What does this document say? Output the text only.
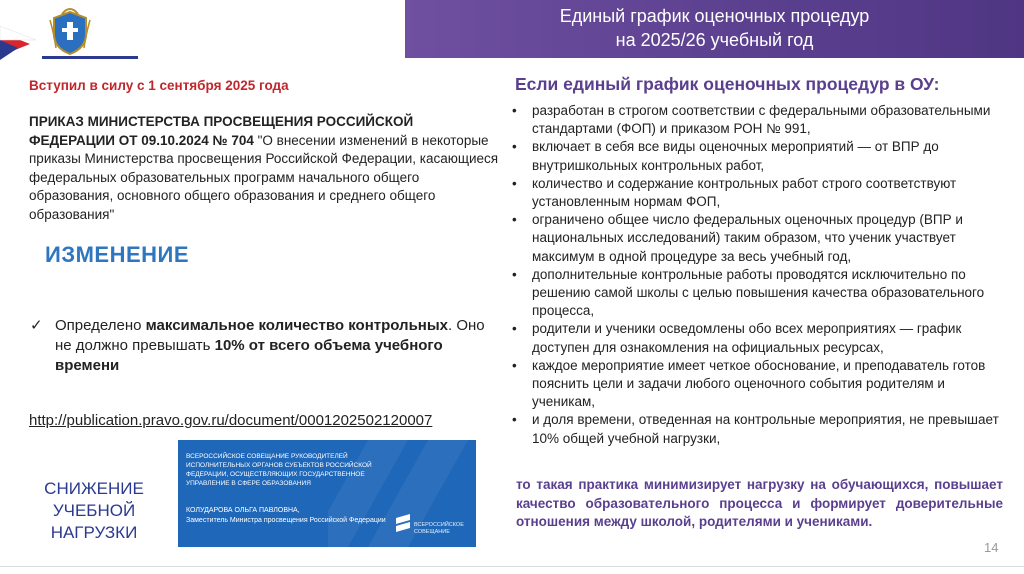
Единый график оценочных процедур
на 2025/26 учебный год
Вступил в силу с 1 сентября 2025 года
ПРИКАЗ МИНИСТЕРСТВА ПРОСВЕЩЕНИЯ РОССИЙСКОЙ ФЕДЕРАЦИИ ОТ 09.10.2024 № 704 "О внесении изменений в некоторые приказы Министерства просвещения Российской Федерации, касающиеся федеральных образовательных программ начального общего образования, основного общего образования и среднего общего образования"
ИЗМЕНЕНИЕ
✓ Определено максимальное количество контрольных. Оно не должно превышать 10% от всего объема учебного времени
http://publication.pravo.gov.ru/document/0001202502120007
СНИЖЕНИЕ УЧЕБНОЙ НАГРУЗКИ
ВСЕРОССИЙСКОЕ СОВЕЩАНИЕ РУКОВОДИТЕЛЕЙ ИСПОЛНИТЕЛЬНЫХ ОРГАНОВ СУБЪЕКТОВ РОССИЙСКОЙ ФЕДЕРАЦИИ, ОСУЩЕСТВЛЯЮЩИХ ГОСУДАРСТВЕННОЕ УПРАВЛЕНИЕ В СФЕРЕ ОБРАЗОВАНИЯ
КОЛУДАРОВА ОЛЬГА ПАВЛОВНА,
Заместитель Министра просвещения Российской Федерации
ВСЕРОССИЙСКОЕ СОВЕЩАНИЕ
Если единый график оценочных процедур в ОУ:
• разработан в строгом соответствии с федеральными образовательными стандартами (ФОП) и приказом РОН № 991,
• включает в себя все виды оценочных мероприятий — от ВПР до внутришкольных контрольных работ,
• количество и содержание контрольных работ строго соответствуют установленным нормам ФОП,
• ограничено общее число федеральных оценочных процедур (ВПР и национальных исследований) таким образом, что ученик участвует максимум в одной процедуре за весь учебный год,
• дополнительные контрольные работы проводятся исключительно по решению самой школы с целью повышения качества образовательного процесса,
• родители и ученики осведомлены обо всех мероприятиях — график доступен для ознакомления на официальных ресурсах,
• каждое мероприятие имеет четкое обоснование, и преподаватель готов пояснить цели и задачи любого оценочного события родителям и ученикам,
• и доля времени, отведенная на контрольные мероприятия, не превышает 10% общей учебной нагрузки,
то такая практика минимизирует нагрузку на обучающихся, повышает качество образовательного процесса и формирует доверительные отношения между школой, родителями и учениками.
14
